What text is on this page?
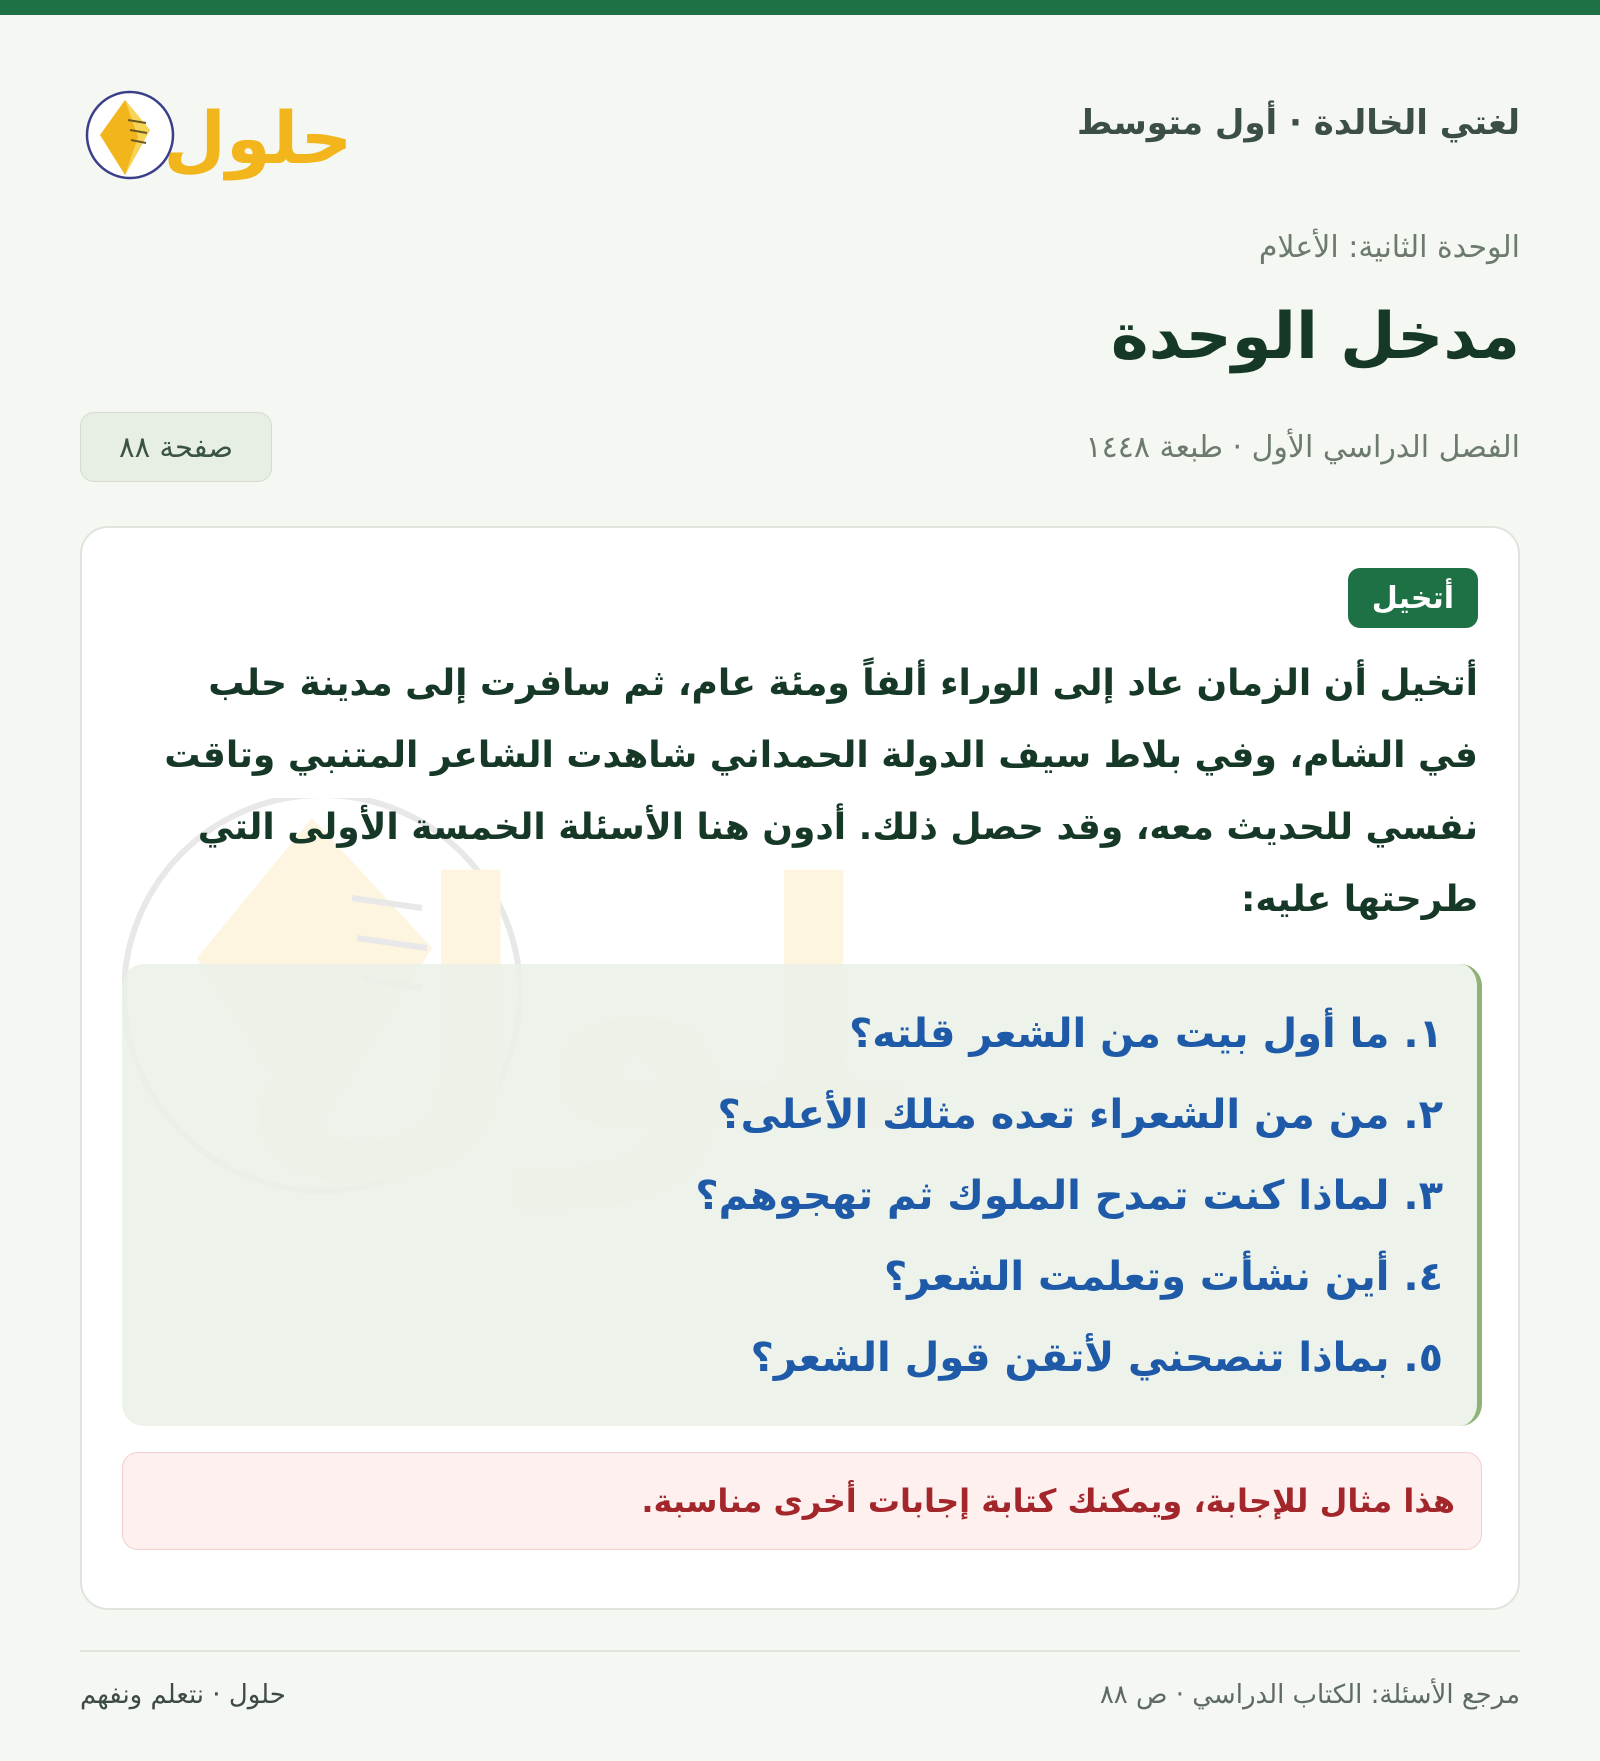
لغتي الخالدة · أول متوسط
حلول
الوحدة الثانية: الأعلام
مدخل الوحدة
الفصل الدراسي الأول · طبعة ١٤٤٨
صفحة ٨٨
أتخيل

أتخيل أن الزمان عاد إلى الوراء ألفاً ومئة عام، ثم سافرت إلى مدينة حلب في الشام، وفي بلاط سيف الدولة الحمداني شاهدت الشاعر المتنبي وتاقت نفسي للحديث معه، وقد حصل ذلك. أدون هنا الأسئلة الخمسة الأولى التي طرحتها عليه:

١. ما أول بيت من الشعر قلته؟
٢. من من الشعراء تعده مثلك الأعلى؟
٣. لماذا كنت تمدح الملوك ثم تهجوهم؟
٤. أين نشأت وتعلمت الشعر؟
٥. بماذا تنصحني لأتقن قول الشعر؟
هذا مثال للإجابة، ويمكنك كتابة إجابات أخرى مناسبة.
مرجع الأسئلة: الكتاب الدراسي · ص ٨٨
حلول · نتعلم ونفهم
